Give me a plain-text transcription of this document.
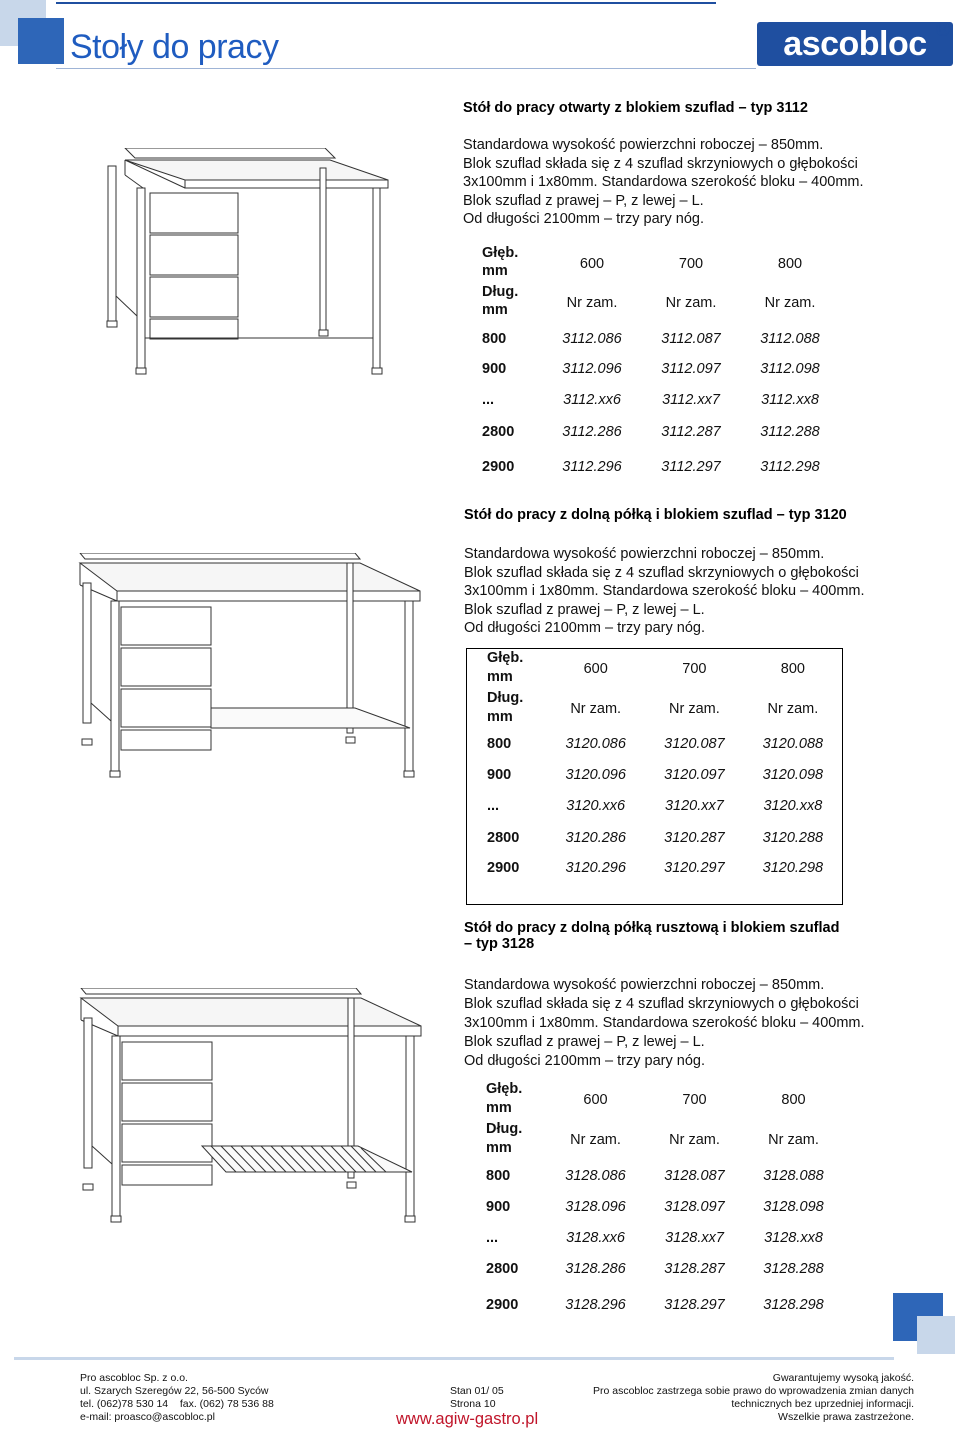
Stoły do pracy	ascobloc	R
Stół do pracy otwarty z blokiem szuflad – typ 3112
Standardowa wysokość powierzchni roboczej – 850mm.
Blok szuflad składa się z 4 szuflad skrzyniowych o głębokości
3x100mm i 1x80mm. Standardowa szerokość bloku – 400mm.
Blok szuflad z prawej – P, z lewej – L.
Od długości 2100mm – trzy pary nóg.
Głęb.
mm	600	700	800

Dług.
mm	Nr zam.	Nr zam.	Nr zam.
800	3112.086	3112.087	3112.088
900	3112.096	3112.097	3112.098
...	3112.xx6	3112.xx7	3112.xx8
2800	3112.286	3112.287	3112.288
2900	3112.296	3112.297	3112.298
Stół do pracy z dolną półką i blokiem szuflad – typ 3120
Standardowa wysokość powierzchni roboczej – 850mm.
Blok szuflad składa się z 4 szuflad skrzyniowych o głębokości
3x100mm i 1x80mm. Standardowa szerokość bloku – 400mm.
Blok szuflad z prawej – P, z lewej – L.
Od długości 2100mm – trzy pary nóg.
Głęb.
mm	600	700	800

Dług.
mm	Nr zam.	Nr zam.	Nr zam.
800	3120.086	3120.087	3120.088
900	3120.096	3120.097	3120.098
...	3120.xx6	3120.xx7	3120.xx8
2800	3120.286	3120.287	3120.288
2900	3120.296	3120.297	3120.298
Stół do pracy z dolną półką rusztową i blokiem szuflad
– typ 3128
Standardowa wysokość powierzchni roboczej – 850mm.
Blok szuflad składa się z 4 szuflad skrzyniowych o głębokości
3x100mm i 1x80mm. Standardowa szerokość bloku – 400mm.
Blok szuflad z prawej – P, z lewej – L.
Od długości 2100mm – trzy pary nóg.
Głęb.
mm	600	700	800

Dług.
mm	Nr zam.	Nr zam.	Nr zam.
800	3128.086	3128.087	3128.088
900	3128.096	3128.097	3128.098
...	3128.xx6	3128.xx7	3128.xx8
2800	3128.286	3128.287	3128.288
2900	3128.296	3128.297	3128.298
Pro ascobloc Sp. z o.o.
ul. Szarych Szeregów 22, 56-500 Syców
tel. (062)78 530 14    fax. (062) 78 536 88
e-mail: proasco@ascobloc.pl
Stan 01/ 05
Strona 10
www.agiw-gastro.pl
Gwarantujemy wysoką jakość.
Pro ascobloc zastrzega sobie prawo do wprowadzenia zmian danych
technicznych bez uprzedniej informacji.
Wszelkie prawa zastrzeżone.
